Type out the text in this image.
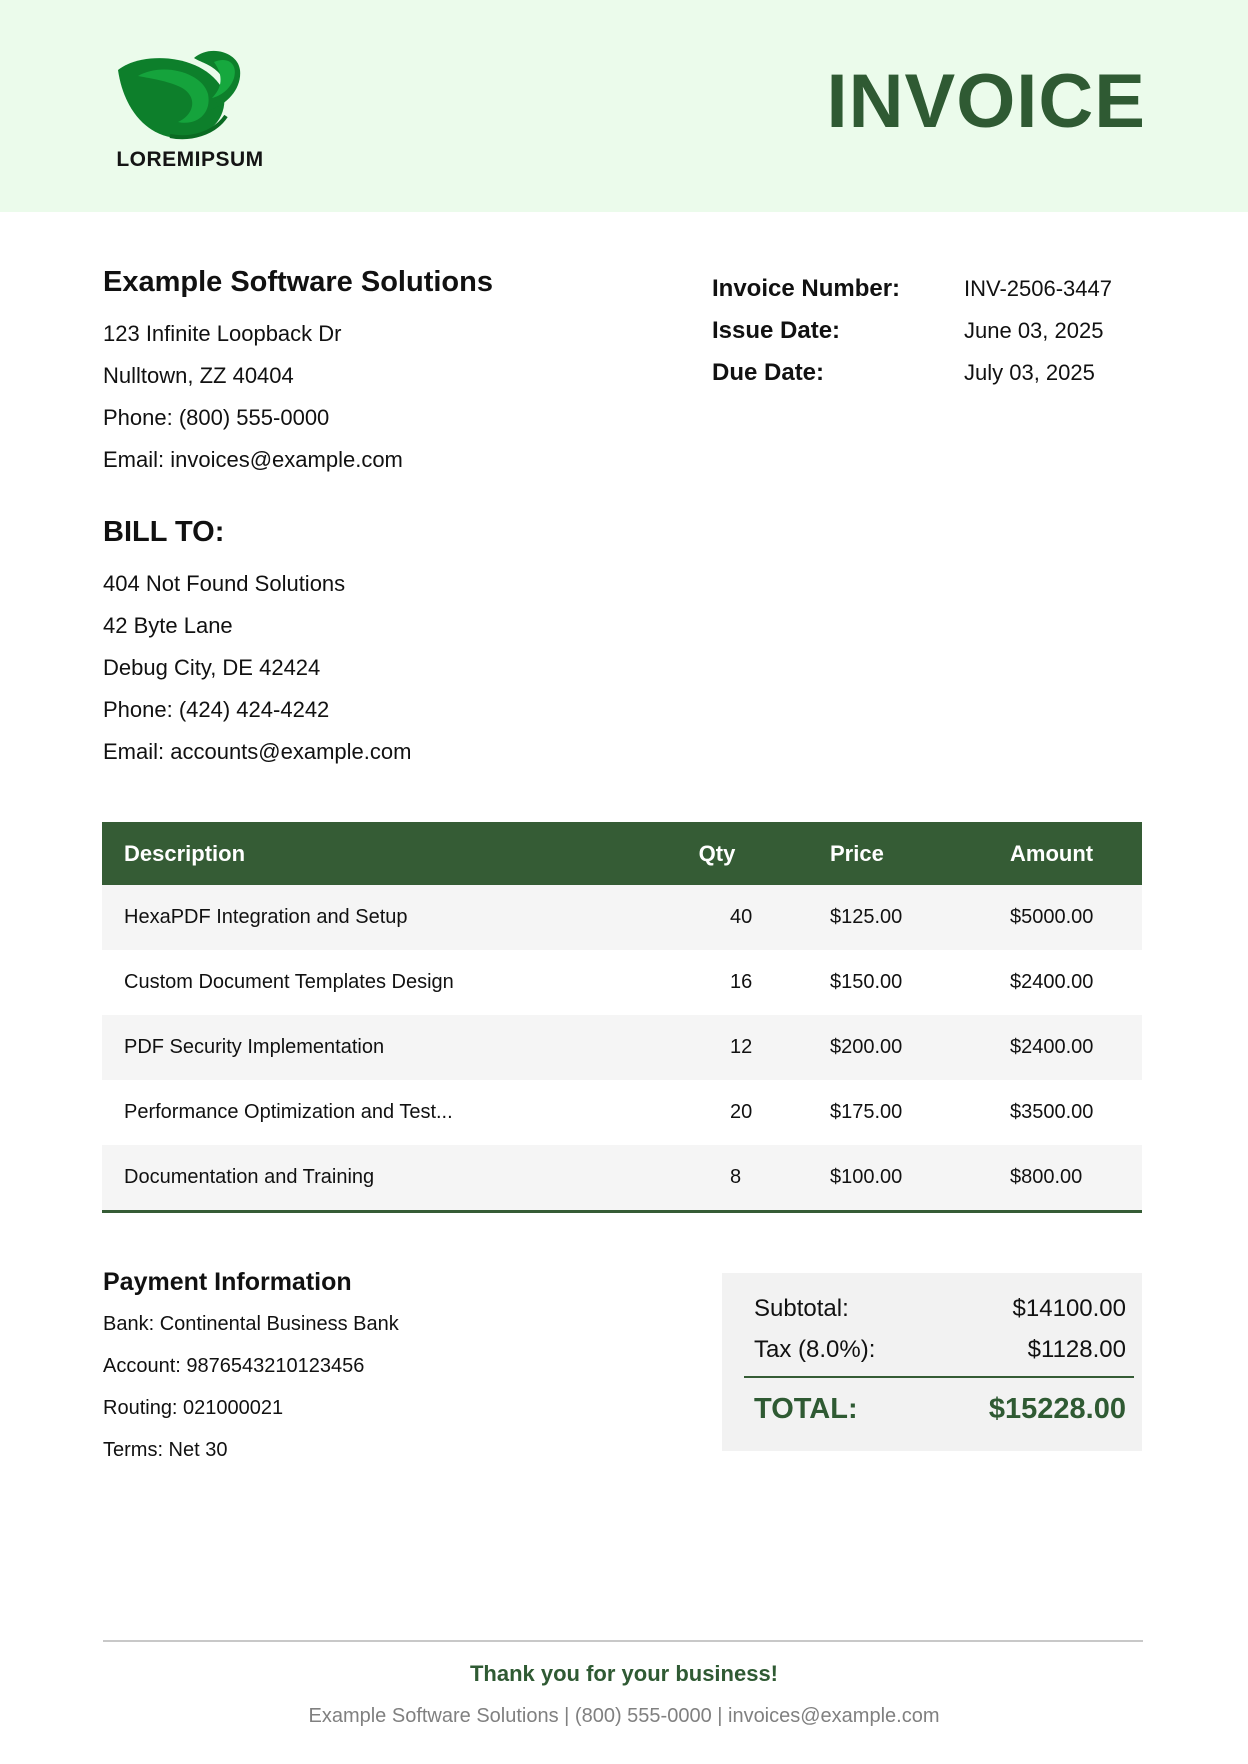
LOREMIPSUM
INVOICE
Example Software Solutions
123 Infinite Loopback Dr
Nulltown, ZZ 40404
Phone: (800) 555-0000
Email: invoices@example.com
Invoice Number:	INV-2506-3447
Issue Date:	June 03, 2025
Due Date:	July 03, 2025
BILL TO:
404 Not Found Solutions
42 Byte Lane
Debug City, DE 42424
Phone: (424) 424-4242
Email: accounts@example.com
Description	Qty	Price	Amount
HexaPDF Integration and Setup	40	$125.00	$5000.00
Custom Document Templates Design	16	$150.00	$2400.00
PDF Security Implementation	12	$200.00	$2400.00
Performance Optimization and Test...	20	$175.00	$3500.00
Documentation and Training	8	$100.00	$800.00
Payment Information
Bank: Continental Business Bank
Account: 9876543210123456
Routing: 021000021
Terms: Net 30
Subtotal:	$14100.00
Tax (8.0%):	$1128.00
TOTAL:	$15228.00
Thank you for your business!
Example Software Solutions | (800) 555-0000 | invoices@example.com
